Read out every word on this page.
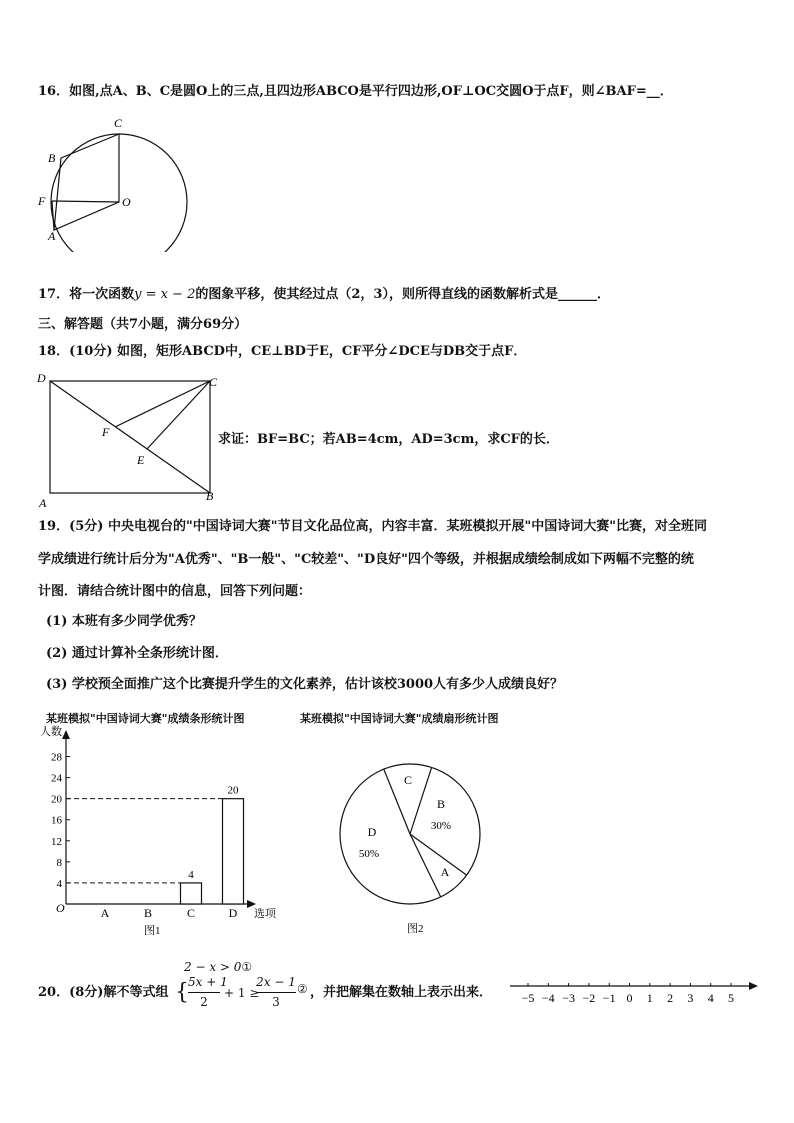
16．如图,点A、B、C是圆O上的三点,且四边形ABCO是平行四边形,OF⊥OC交圆O于点F，则∠BAF=__．
C
B
F	O
A
17．将一次函数y = x − 2的图象平移，使其经过点（2，3），则所得直线的函数解析式是______．
三、解答题（共7小题，满分69分）
18．(10分) 如图，矩形ABCD中，CE⊥BD于E，CF平分∠DCE与DB交于点F．
D	C
F
E
A	B
求证：BF=BC；若AB=4cm，AD=3cm，求CF的长．
19．(5分) 中央电视台的"中国诗词大赛"节目文化品位高，内容丰富．某班模拟开展"中国诗词大赛"比赛，对全班同
学成绩进行统计后分为"A优秀"、"B一般"、"C较差"、"D良好"四个等级，并根据成绩绘制成如下两幅不完整的统
计图．请结合统计图中的信息，回答下列问题：
(1) 本班有多少同学优秀？
(2) 通过计算补全条形统计图．
(3) 学校预全面推广这个比赛提升学生的文化素养，估计该校3000人有多少人成绩良好？
某班模拟"中国诗词大赛"成绩条形统计图	某班模拟"中国诗词大赛"成绩扇形统计图
人数
O	选项
图1
4
8
12
16
20
24
28
A	B	C
4
D
20
图2
B
30%
A
D
50%
C
2 − x > 0①
20．(8分)解不等式组 { 5x + 1
2
+ 1 ≥
2x − 1
3
② ，并把解集在数轴上表示出来． −5 −4 −3 −2 −1 0 1 2 3 4 5
